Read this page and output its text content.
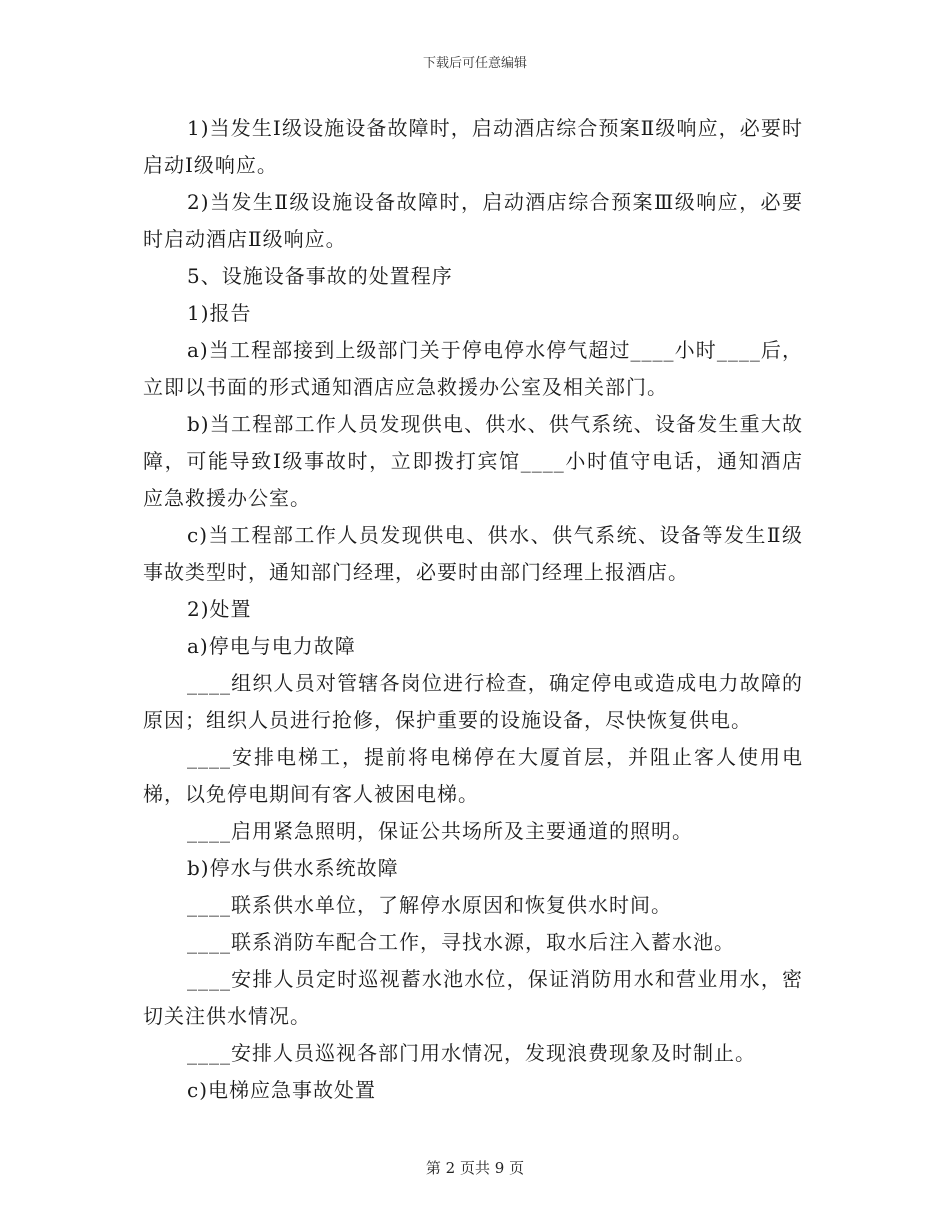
下载后可任意编辑

1)当发生Ⅰ级设施设备故障时，启动酒店综合预案Ⅱ级响应，必要时启动Ⅰ级响应。

2)当发生Ⅱ级设施设备故障时，启动酒店综合预案Ⅲ级响应，必要时启动酒店Ⅱ级响应。

5、设施设备事故的处置程序

1)报告

a)当工程部接到上级部门关于停电停水停气超过____小时____后，立即以书面的形式通知酒店应急救援办公室及相关部门。

b)当工程部工作人员发现供电、供水、供气系统、设备发生重大故障，可能导致Ⅰ级事故时，立即拨打宾馆____小时值守电话，通知酒店应急救援办公室。

c)当工程部工作人员发现供电、供水、供气系统、设备等发生Ⅱ级事故类型时，通知部门经理，必要时由部门经理上报酒店。

2)处置

a)停电与电力故障

____组织人员对管辖各岗位进行检查，确定停电或造成电力故障的原因；组织人员进行抢修，保护重要的设施设备，尽快恢复供电。

____安排电梯工，提前将电梯停在大厦首层，并阻止客人使用电梯，以免停电期间有客人被困电梯。

____启用紧急照明，保证公共场所及主要通道的照明。

b)停水与供水系统故障

____联系供水单位，了解停水原因和恢复供水时间。

____联系消防车配合工作，寻找水源，取水后注入蓄水池。

____安排人员定时巡视蓄水池水位，保证消防用水和营业用水，密切关注供水情况。

____安排人员巡视各部门用水情况，发现浪费现象及时制止。

c)电梯应急事故处置

第 2 页共 9 页
